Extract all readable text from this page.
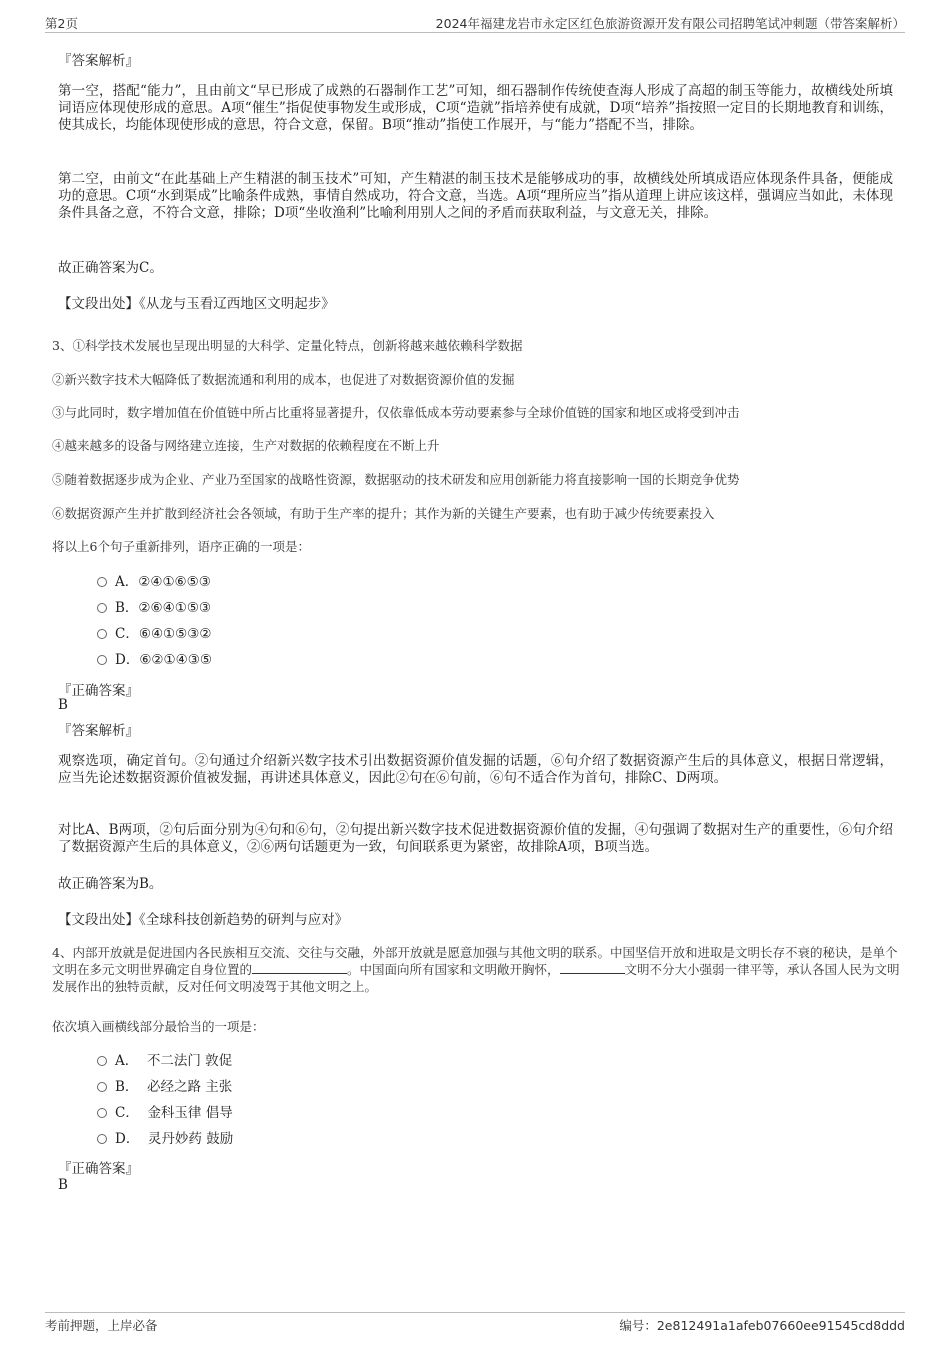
第2页	2024年福建龙岩市永定区红色旅游资源开发有限公司招聘笔试冲刺题（带答案解析）
『答案解析』
第一空，搭配“能力”，且由前文“早已形成了成熟的石器制作工艺”可知，细石器制作传统使查海人形成了高超的制玉等能力，故横线处所填词语应体现使形成的意思。A项“催生”指促使事物发生或形成，C项“造就”指培养使有成就，D项“培养”指按照一定目的长期地教育和训练，使其成长，均能体现使形成的意思，符合文意，保留。B项“推动”指使工作展开，与“能力”搭配不当，排除。
第二空，由前文“在此基础上产生精湛的制玉技术”可知，产生精湛的制玉技术是能够成功的事，故横线处所填成语应体现条件具备，便能成功的意思。C项“水到渠成”比喻条件成熟，事情自然成功，符合文意，当选。A项“理所应当”指从道理上讲应该这样，强调应当如此，未体现条件具备之意，不符合文意，排除；D项“坐收渔利”比喻利用别人之间的矛盾而获取利益，与文意无关，排除。
故正确答案为C。
【文段出处】《从龙与玉看辽西地区文明起步》
3、①科学技术发展也呈现出明显的大科学、定量化特点，创新将越来越依赖科学数据
②新兴数字技术大幅降低了数据流通和利用的成本，也促进了对数据资源价值的发掘
③与此同时，数字增加值在价值链中所占比重将显著提升，仅依靠低成本劳动要素参与全球价值链的国家和地区或将受到冲击
④越来越多的设备与网络建立连接，生产对数据的依赖程度在不断上升
⑤随着数据逐步成为企业、产业乃至国家的战略性资源，数据驱动的技术研发和应用创新能力将直接影响一国的长期竞争优势
⑥数据资源产生并扩散到经济社会各领域，有助于生产率的提升；其作为新的关键生产要素，也有助于减少传统要素投入
将以上6个句子重新排列，语序正确的一项是：
A．②④①⑥⑤③
B．②⑥④①⑤③
C．⑥④①⑤③②
D．⑥②①④③⑤
『正确答案』
B
『答案解析』
观察选项，确定首句。②句通过介绍新兴数字技术引出数据资源价值发掘的话题，⑥句介绍了数据资源产生后的具体意义，根据日常逻辑，应当先论述数据资源价值被发掘，再讲述具体意义，因此②句在⑥句前，⑥句不适合作为首句，排除C、D两项。
对比A、B两项，②句后面分别为④句和⑥句，②句提出新兴数字技术促进数据资源价值的发掘，④句强调了数据对生产的重要性，⑥句介绍了数据资源产生后的具体意义，②⑥两句话题更为一致，句间联系更为紧密，故排除A项，B项当选。
故正确答案为B。
【文段出处】《全球科技创新趋势的研判与应对》
4、内部开放就是促进国内各民族相互交流、交往与交融，外部开放就是愿意加强与其他文明的联系。中国坚信开放和进取是文明长存不衰的秘诀，是单个文明在多元文明世界确定自身位置的	。中国面向所有国家和文明敞开胸怀，	文明不分大小强弱一律平等，承认各国人民为文明发展作出的独特贡献，反对任何文明凌驾于其他文明之上。
依次填入画横线部分最恰当的一项是：
A． 不二法门 敦促
B． 必经之路 主张
C． 金科玉律 倡导
D． 灵丹妙药 鼓励
『正确答案』
B
考前押题，上岸必备	编号：2e812491a1afeb07660ee91545cd8ddd
